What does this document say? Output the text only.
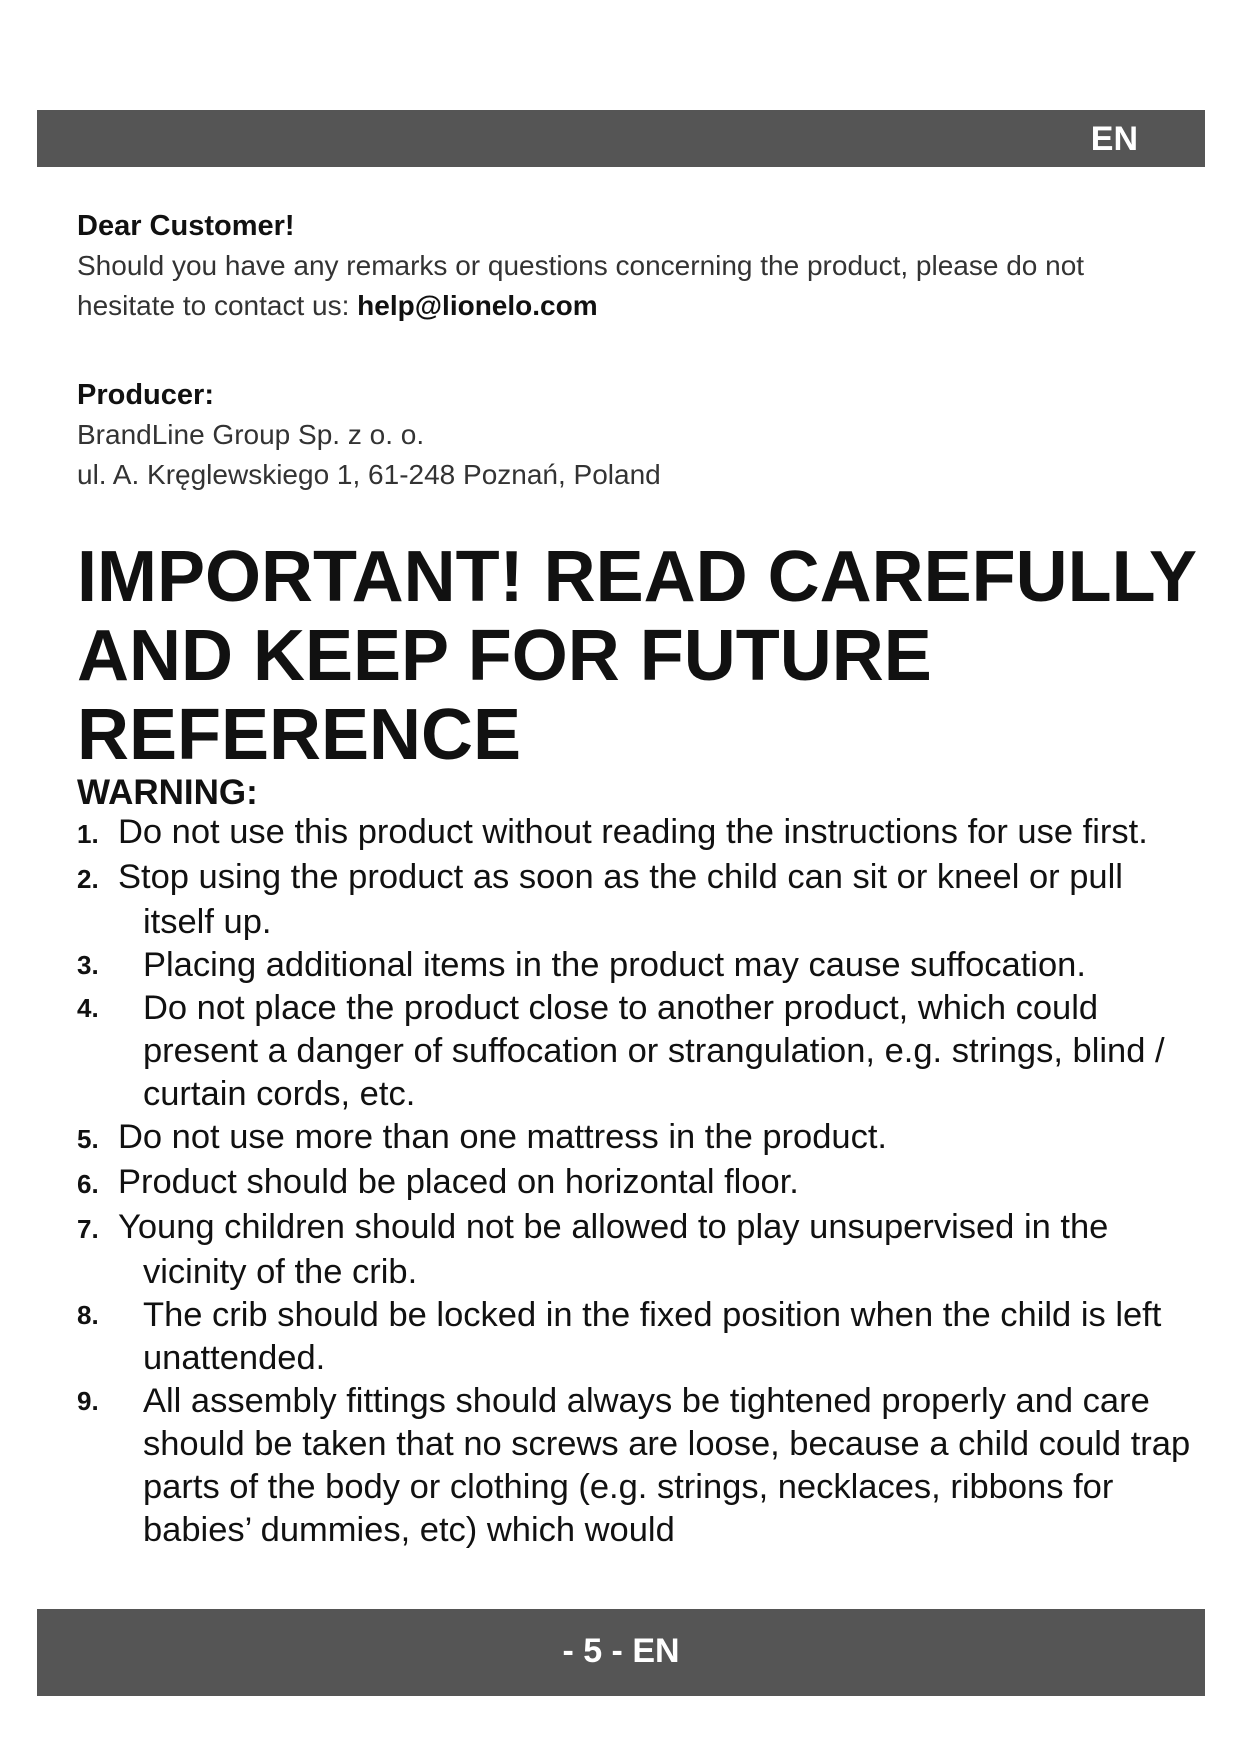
EN
Dear Customer!
Should you have any remarks or questions concerning the product, please do not hesitate to contact us: help@lionelo.com
Producer:
BrandLine Group Sp. z o. o.
ul. A. Kręglewskiego 1, 61-248 Poznań, Poland
IMPORTANT! READ CAREFULLY AND KEEP FOR FUTURE REFERENCE
WARNING:
1. Do not use this product without reading the instructions for use first.
2. Stop using the product as soon as the child can sit or kneel or pull itself up.
3.	Placing additional items in the product may cause suffocation.
4.	Do not place the product close to another product, which could present a danger of suffocation or strangulation, e.g. strings, blind / curtain cords, etc.
5. Do not use more than one mattress in the product.
6. Product should be placed on horizontal floor.
7. Young children should not be allowed to play unsupervised in the vicinity of the crib.
8.	The crib should be locked in the fixed position when the child is left unattended.
9.	All assembly fittings should always be tightened properly and care should be taken that no screws are loose, because a child could trap parts of the body or clothing (e.g. strings, necklaces, ribbons for babies’ dummies, etc) which would
- 5 - EN
